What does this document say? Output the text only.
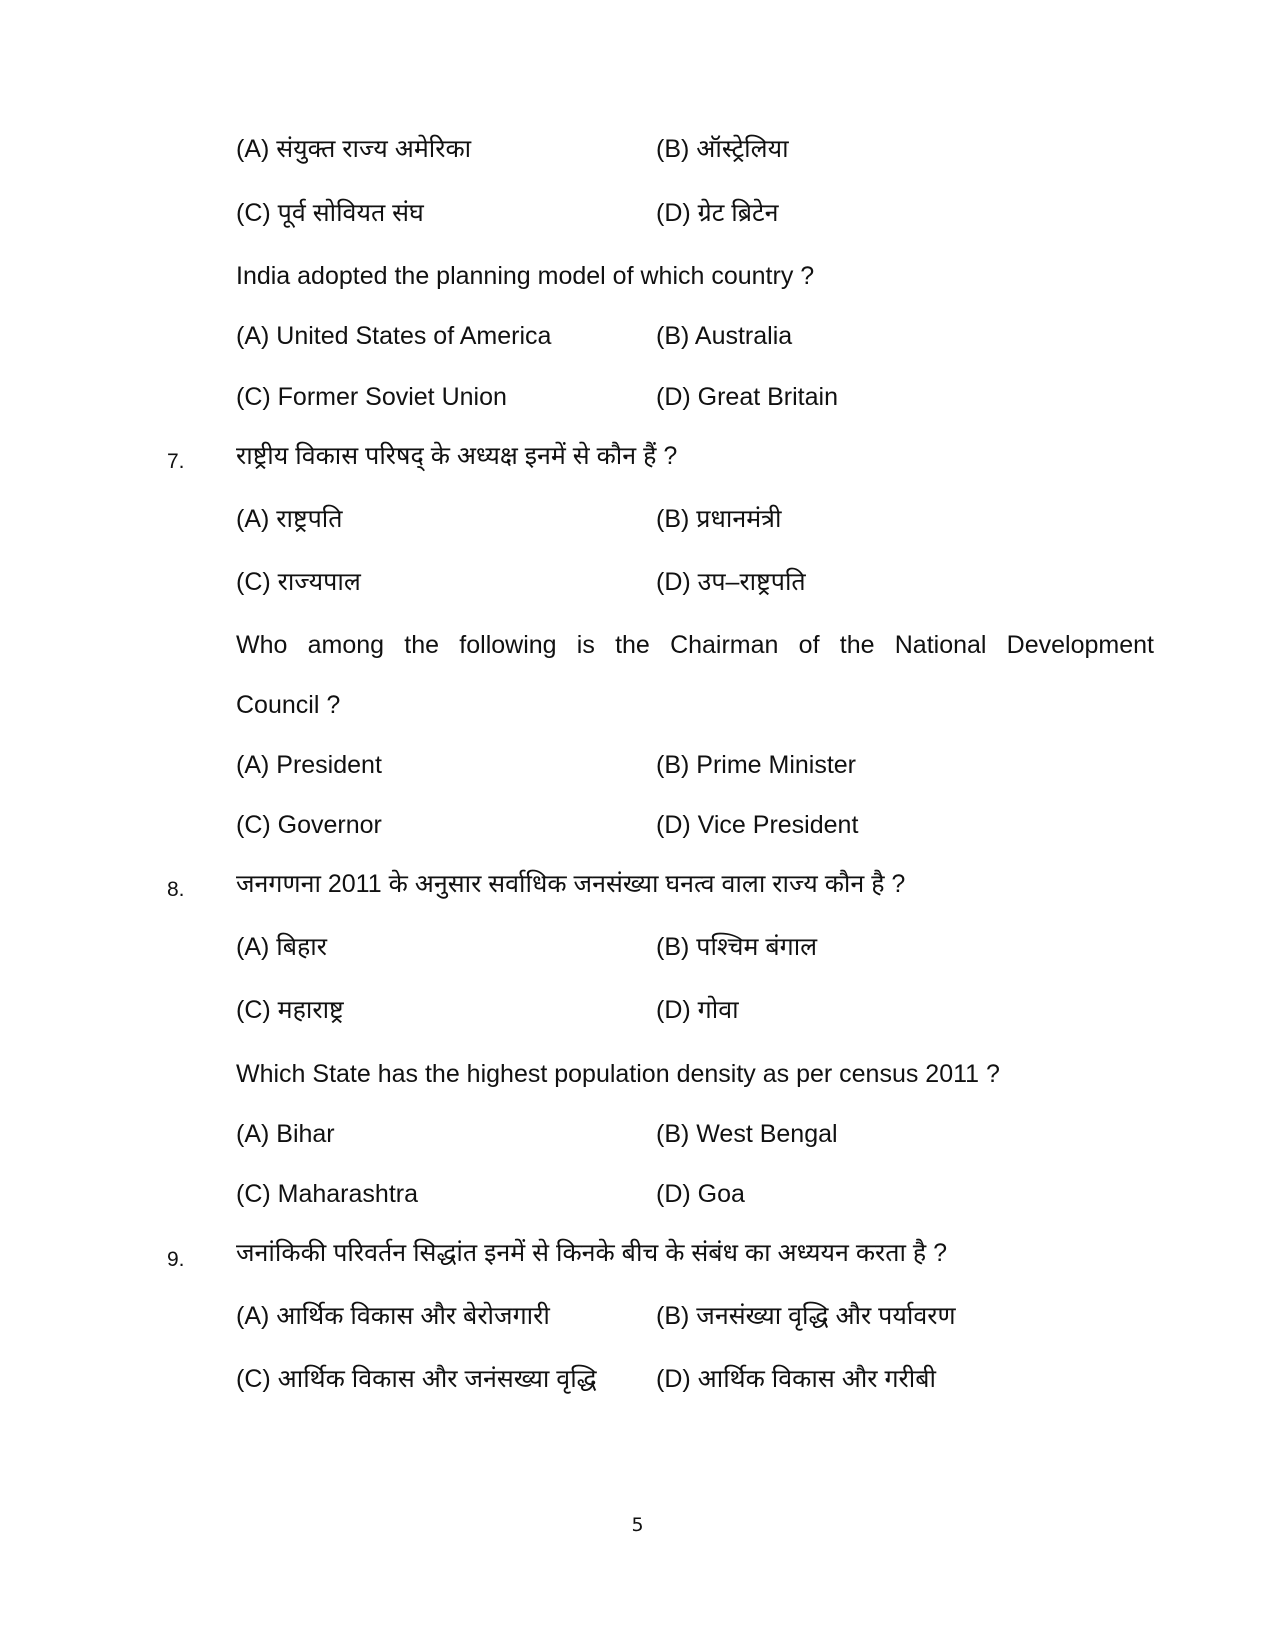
(A) संयुक्त राज्य अमेरिका	(B) ऑस्ट्रेलिया
(C) पूर्व सोवियत संघ	(D) ग्रेट ब्रिटेन
India adopted the planning model of which country ?
(A) United States of America	(B) Australia
(C) Former Soviet Union	(D) Great Britain
7. राष्ट्रीय विकास परिषद् के अध्यक्ष इनमें से कौन हैं ?
(A) राष्ट्रपति	(B) प्रधानमंत्री
(C) राज्यपाल	(D) उप–राष्ट्रपति
Who among the following is the Chairman of the National Development
Council ?
(A) President	(B) Prime Minister
(C) Governor	(D) Vice President
8. जनगणना 2011 के अनुसार सर्वाधिक जनसंख्या घनत्व वाला राज्य कौन है ?
(A) बिहार	(B) पश्चिम बंगाल
(C) महाराष्ट्र	(D) गोवा
Which State has the highest population density as per census 2011 ?
(A) Bihar	(B) West Bengal
(C) Maharashtra	(D) Goa
9. जनांकिकी परिवर्तन सिद्धांत इनमें से किनके बीच के संबंध का अध्ययन करता है ?
(A) आर्थिक विकास और बेरोजगारी	(B) जनसंख्या वृद्धि और पर्यावरण
(C) आर्थिक विकास और जनंसख्या वृद्धि (D) आर्थिक विकास और गरीबी
5
